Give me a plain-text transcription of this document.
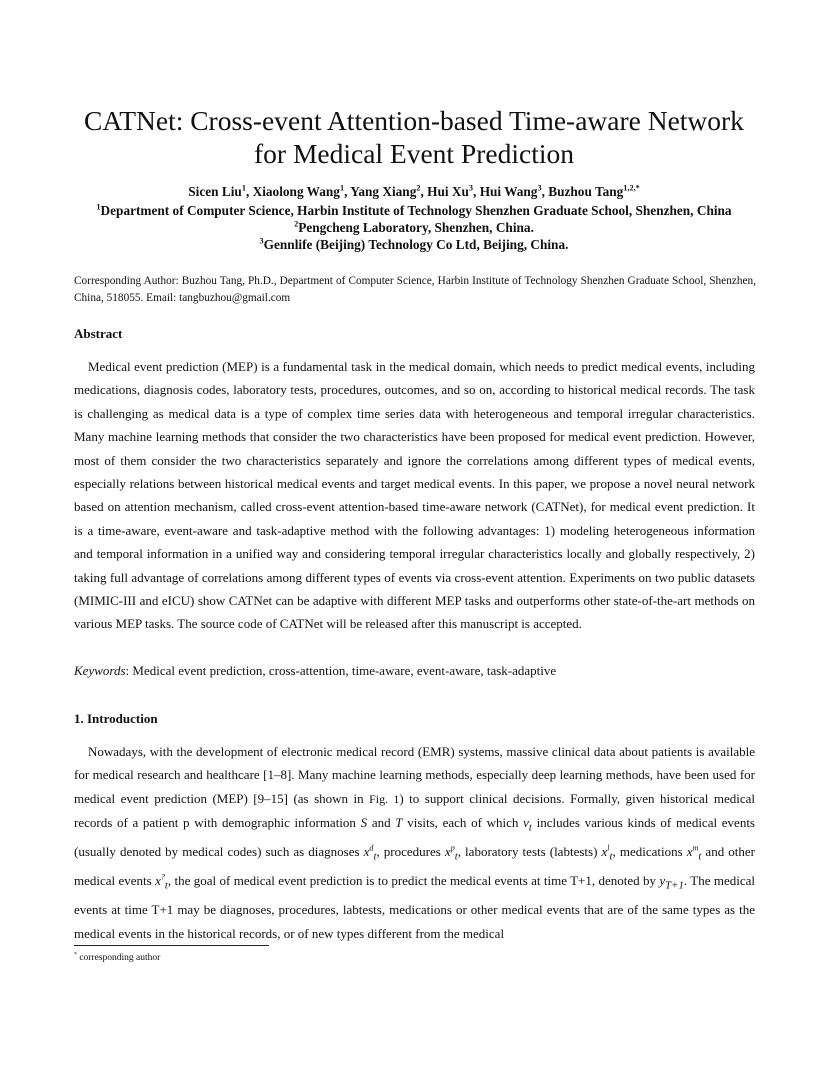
CATNet: Cross-event Attention-based Time-aware Network
for Medical Event Prediction
Sicen Liu$^1$, Xiaolong Wang$^1$, Yang Xiang$^2$, Hui Xu$^3$, Hui Wang$^3$, Buzhou Tang$^{1,2,*}$
$^1$Department of Computer Science, Harbin Institute of Technology Shenzhen Graduate School, Shenzhen, China
$^2$Pengcheng Laboratory, Shenzhen, China.
$^3$Gennlife (Beijing) Technology Co Ltd, Beijing, China.
Corresponding Author: Buzhou Tang, Ph.D., Department of Computer Science, Harbin Institute of Technology Shenzhen Graduate School, Shenzhen, China, 518055. Email: tangbuzhou@gmail.com
Abstract

Medical event prediction (MEP) is a fundamental task in the medical domain, which needs to predict medical events, including medications, diagnosis codes, laboratory tests, procedures, outcomes, and so on, according to historical medical records. The task is challenging as medical data is a type of complex time series data with heterogeneous and temporal irregular characteristics. Many machine learning methods that consider the two characteristics have been proposed for medical event prediction. However, most of them consider the two characteristics separately and ignore the correlations among different types of medical events, especially relations between historical medical events and target medical events. In this paper, we propose a novel neural network based on attention mechanism, called cross-event attention-based time-aware network (CATNet), for medical event prediction. It is a time-aware, event-aware and task-adaptive method with the following advantages: 1) modeling heterogeneous information and temporal information in a unified way and considering temporal irregular characteristics locally and globally respectively, 2) taking full advantage of correlations among different types of events via cross-event attention. Experiments on two public datasets (MIMIC-III and eICU) show CATNet can be adaptive with different MEP tasks and outperforms other state-of-the-art methods on various MEP tasks. The source code of CATNet will be released after this manuscript is accepted.

Keywords: Medical event prediction, cross-attention, time-aware, event-aware, task-adaptive
1. Introduction

Nowadays, with the development of electronic medical record (EMR) systems, massive clinical data about patients is available for medical research and healthcare [1–8]. Many machine learning methods, especially deep learning methods, have been used for medical event prediction (MEP) [9–15] (as shown in Fig. 1) to support clinical decisions. Formally, given historical medical records of a patient p with demographic information S and T visits, each of which $v_t$ includes various kinds of medical events (usually denoted by medical codes) such as diagnoses $x^d_t$, procedures $x^p_t$, laboratory tests (labtests) $x^l_t$, medications $x^m_t$ and other medical events $x^?_t$, the goal of medical event prediction is to predict the medical events at time T+1, denoted by $y_{T+1}$. The medical events at time T+1 may be diagnoses, procedures, labtests, medications or other medical events that are of the same types as the medical events in the historical records, or of new types different from the medical

* corresponding author
